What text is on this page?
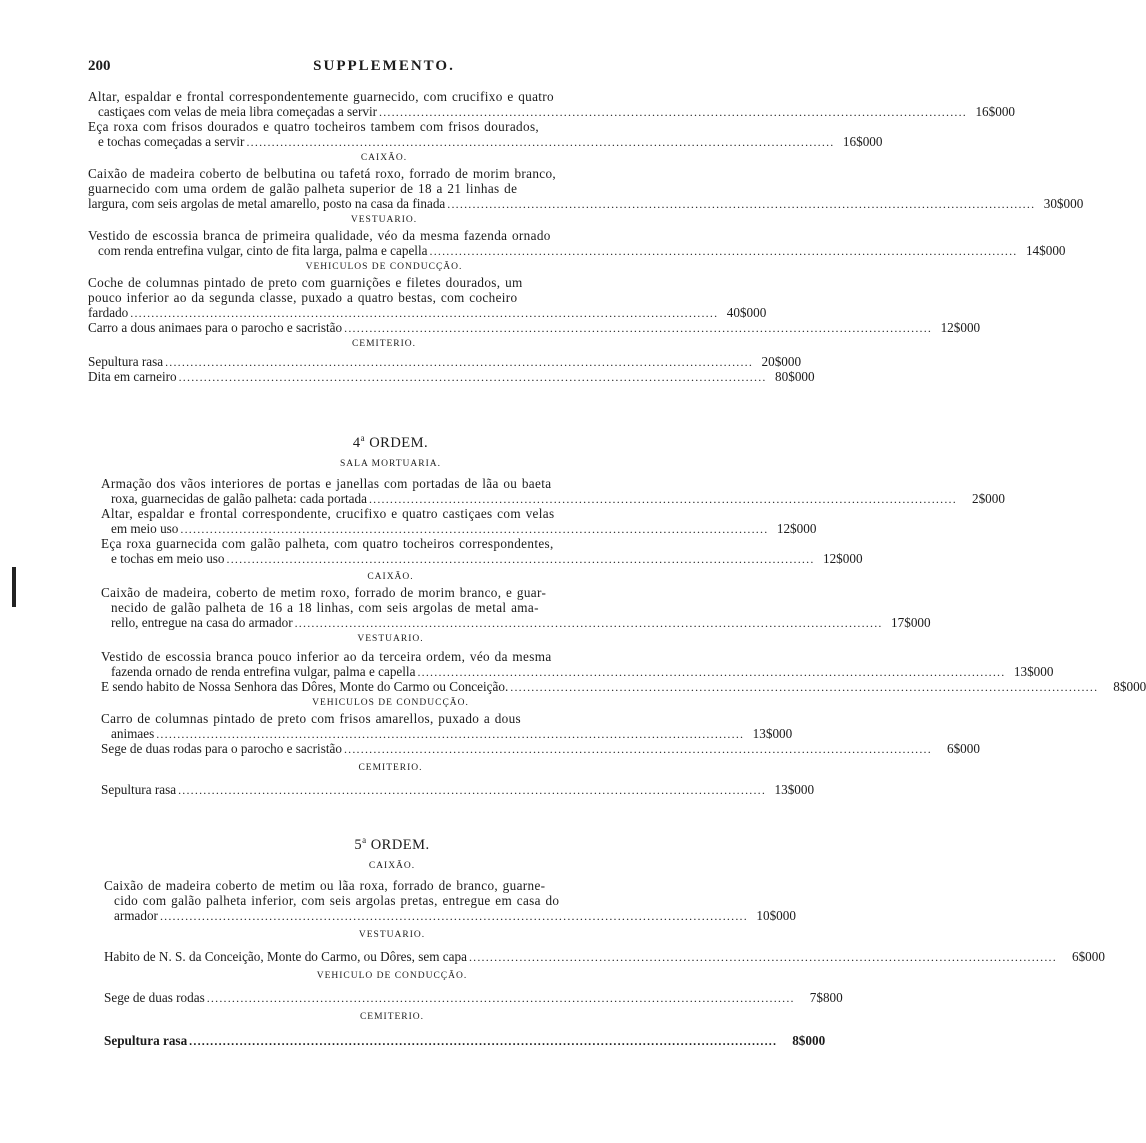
200	SUPPLEMENTO.
Altar, espaldar e frontal correspondentemente guarnecido, com crucifixo e quatro
castiçaes com velas de meia libra começadas a servir ............................................................................................................................................ 16$000
Eça roxa com frisos dourados e quatro tocheiros tambem com frisos dourados,
e tochas começadas a servir ............................................................................................................................................ 16$000
CAIXÃO.
Caixão de madeira coberto de belbutina ou tafetá roxo, forrado de morim branco,
guarnecido com uma ordem de galão palheta superior de 18 a 21 linhas de
largura, com seis argolas de metal amarello, posto na casa da finada ............................................................................................................................................ 30$000
VESTUARIO.
Vestido de escossia branca de primeira qualidade, véo da mesma fazenda ornado
com renda entrefina vulgar, cinto de fita larga, palma e capella ............................................................................................................................................ 14$000
VEHICULOS DE CONDUCÇÃO.
Coche de columnas pintado de preto com guarnições e filetes dourados, um
pouco inferior ao da segunda classe, puxado a quatro bestas, com cocheiro
fardado ............................................................................................................................................ 40$000
Carro a dous animaes para o parocho e sacristão ............................................................................................................................................ 12$000
CEMITERIO.
Sepultura rasa ............................................................................................................................................ 20$000
Dita em carneiro ............................................................................................................................................ 80$000
4$^a$ ORDEM.
SALA MORTUARIA.
Armação dos vãos interiores de portas e janellas com portadas de lãa ou baeta
roxa, guarnecidas de galão palheta: cada portada ............................................................................................................................................	2$000
Altar, espaldar e frontal correspondente, crucifixo e quatro castiçaes com velas
em meio uso ............................................................................................................................................ 12$000
Eça roxa guarnecida com galão palheta, com quatro tocheiros correspondentes,
e tochas em meio uso ............................................................................................................................................ 12$000
CAIXÃO.
Caixão de madeira, coberto de metim roxo, forrado de morim branco, e guar-
necido de galão palheta de 16 a 18 linhas, com seis argolas de metal ama-
rello, entregue na casa do armador ............................................................................................................................................ 17$000
VESTUARIO.
Vestido de escossia branca pouco inferior ao da terceira ordem, véo da mesma
fazenda ornado de renda entrefina vulgar, palma e capella ............................................................................................................................................ 13$000
E sendo habito de Nossa Senhora das Dôres, Monte do Carmo ou Conceição. ............................................................................................................................................	8$000
VEHICULOS DE CONDUCÇÃO.
Carro de columnas pintado de preto com frisos amarellos, puxado a dous
animaes ............................................................................................................................................ 13$000
Sege de duas rodas para o parocho e sacristão ............................................................................................................................................	6$000
CEMITERIO.
Sepultura rasa ............................................................................................................................................ 13$000
5$^a$ ORDEM.
CAIXÃO.
Caixão de madeira coberto de metim ou lãa roxa, forrado de branco, guarne-
cido com galão palheta inferior, com seis argolas pretas, entregue em casa do
armador ............................................................................................................................................ 10$000
VESTUARIO.
Habito de N. S. da Conceição, Monte do Carmo, ou Dôres, sem capa ............................................................................................................................................	6$000
VEHICULO DE CONDUCÇÃO.
Sege de duas rodas ............................................................................................................................................	7$800
CEMITERIO.
Sepultura rasa ............................................................................................................................................	8$000
